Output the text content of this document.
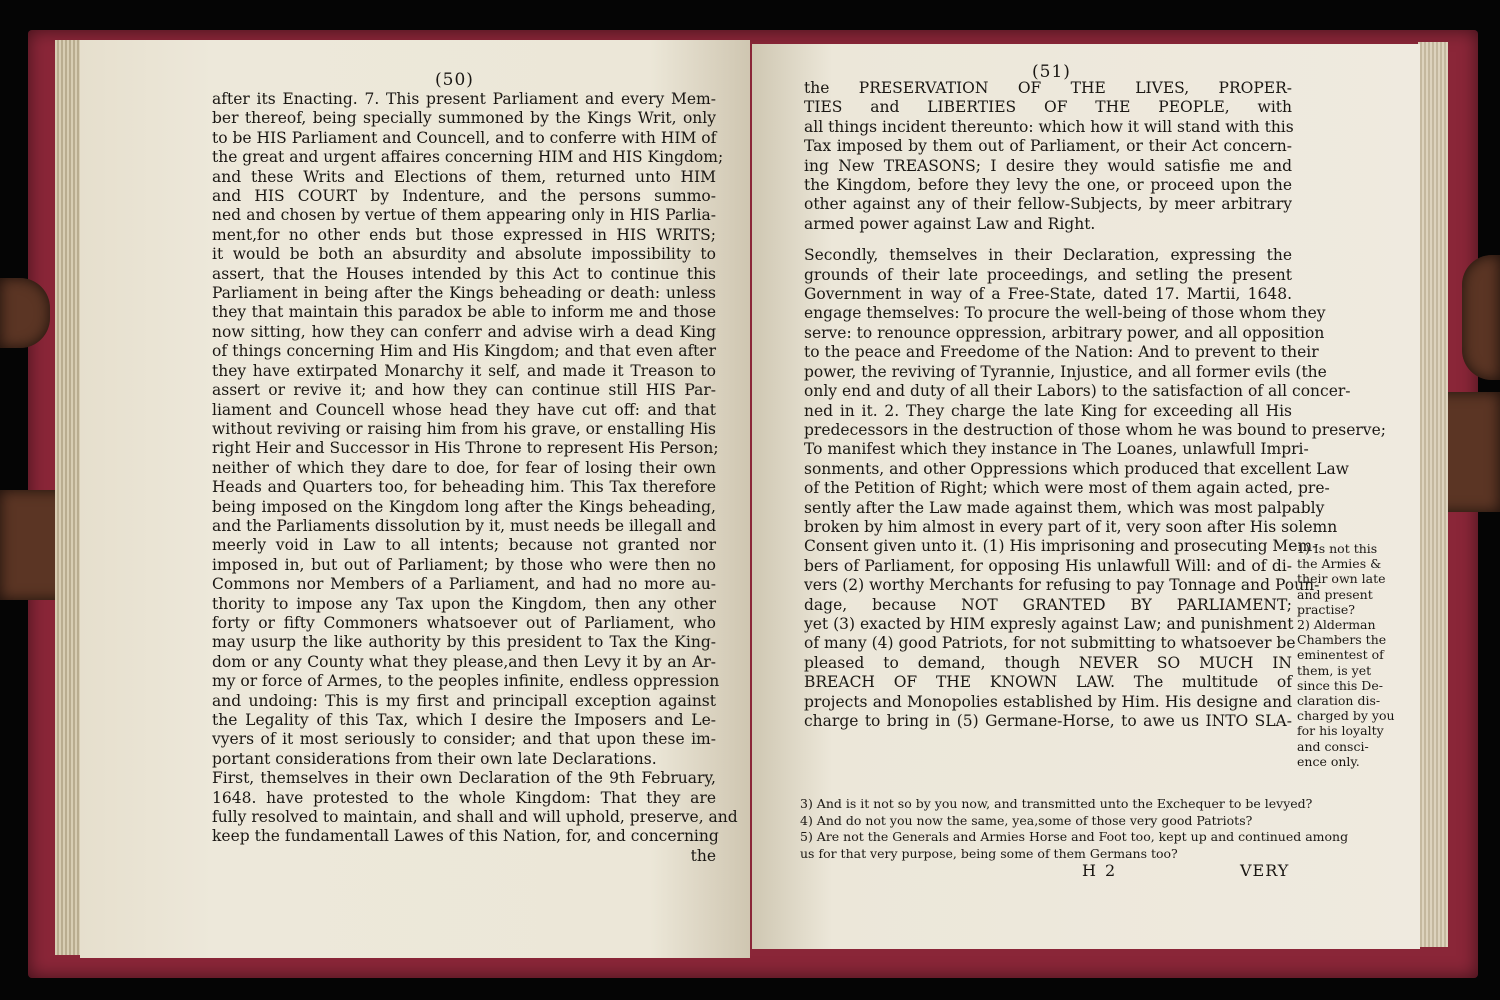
(50)
after its Enacting. 7. This present Parliament and every Mem-
ber thereof, being specially summoned by the Kings Writ, only
to be HIS Parliament and Councell, and to conferre with HIM of
the great and urgent affaires concerning HIM and HIS Kingdom;
and these Writs and Elections of them, returned unto HIM
and HIS COURT by Indenture, and the persons summo-
ned and chosen by vertue of them appearing only in HIS Parlia-
ment,for no other ends but those expressed in HIS WRITS;
it would be both an absurdity and absolute impossibility to
assert, that the Houses intended by this Act to continue this
Parliament in being after the Kings beheading or death: unless
they that maintain this paradox be able to inform me and those
now sitting, how they can conferr and advise wirh a dead King
of things concerning Him and His Kingdom; and that even after
they have extirpated Monarchy it self, and made it Treason to
assert or revive it; and how they can continue still HIS Par-
liament and Councell whose head they have cut off: and that
without reviving or raising him from his grave, or enstalling His
right Heir and Successor in His Throne to represent His Person;
neither of which they dare to doe, for fear of losing their own
Heads and Quarters too, for beheading him. This Tax therefore
being imposed on the Kingdom long after the Kings beheading,
and the Parliaments dissolution by it, must needs be illegall and
meerly void in Law to all intents; because not granted nor
imposed in, but out of Parliament; by those who were then no
Commons nor Members of a Parliament, and had no more au-
thority to impose any Tax upon the Kingdom, then any other
forty or fifty Commoners whatsoever out of Parliament, who
may usurp the like authority by this president to Tax the King-
dom or any County what they please,and then Levy it by an Ar-
my or force of Armes, to the peoples infinite, endless oppression
and undoing: This is my first and principall exception against
the Legality of this Tax, which I desire the Imposers and Le-
vyers of it most seriously to consider; and that upon these im-
portant considerations from their own late Declarations.
First, themselves in their own Declaration of the 9th February,
1648. have protested to the whole Kingdom: That they are
fully resolved to maintain, and shall and will uphold, preserve, and
keep the fundamentall Lawes of this Nation, for, and concerning
the
(51)
the PRESERVATION OF THE LIVES, PROPER-
TIES and LIBERTIES OF THE PEOPLE, with
all things incident thereunto: which how it will stand with this
Tax imposed by them out of Parliament, or their Act concern-
ing New TREASONS; I desire they would satisfie me and
the Kingdom, before they levy the one, or proceed upon the
other against any of their fellow-Subjects, by meer arbitrary
armed power against Law and Right.
Secondly, themselves in their Declaration, expressing the
grounds of their late proceedings, and setling the present
Government in way of a Free-State, dated 17. Martii, 1648.
engage themselves: To procure the well-being of those whom they
serve: to renounce oppression, arbitrary power, and all opposition
to the peace and Freedome of the Nation: And to prevent to their
power, the reviving of Tyrannie, Injustice, and all former evils (the
only end and duty of all their Labors) to the satisfaction of all concer-
ned in it. 2. They charge the late King for exceeding all His
predecessors in the destruction of those whom he was bound to preserve;
To manifest which they instance in The Loanes, unlawfull Impri-
sonments, and other Oppressions which produced that excellent Law
of the Petition of Right; which were most of them again acted, pre-
sently after the Law made against them, which was most palpably
broken by him almost in every part of it, very soon after His solemn
Consent given unto it. (1) His imprisoning and prosecuting Mem-
bers of Parliament, for opposing His unlawfull Will: and of di-
vers (2) worthy Merchants for refusing to pay Tonnage and Poun-
dage, because NOT GRANTED BY PARLIAMENT;
yet (3) exacted by HIM expresly against Law; and punishment
of many (4) good Patriots, for not submitting to whatsoever be
pleased to demand, though NEVER SO MUCH IN
BREACH OF THE KNOWN LAW. The multitude of
projects and Monopolies established by Him. His designe and
charge to bring in (5) Germane-Horse, to awe us INTO SLA-
1) Is not this
the Armies &
their own late
and present
practise?
2) Alderman
Chambers the
eminentest of
them, is yet
since this De-
claration dis-
charged by you
for his loyalty
and consci-
ence only.
3) And is it not so by you now, and transmitted unto the Exchequer to be levyed?
4) And do not you now the same, yea,some of those very good Patriots?
5) Are not the Generals and Armies Horse and Foot too, kept up and continued among
us for that very purpose, being some of them Germans too?
H 2	VERY
